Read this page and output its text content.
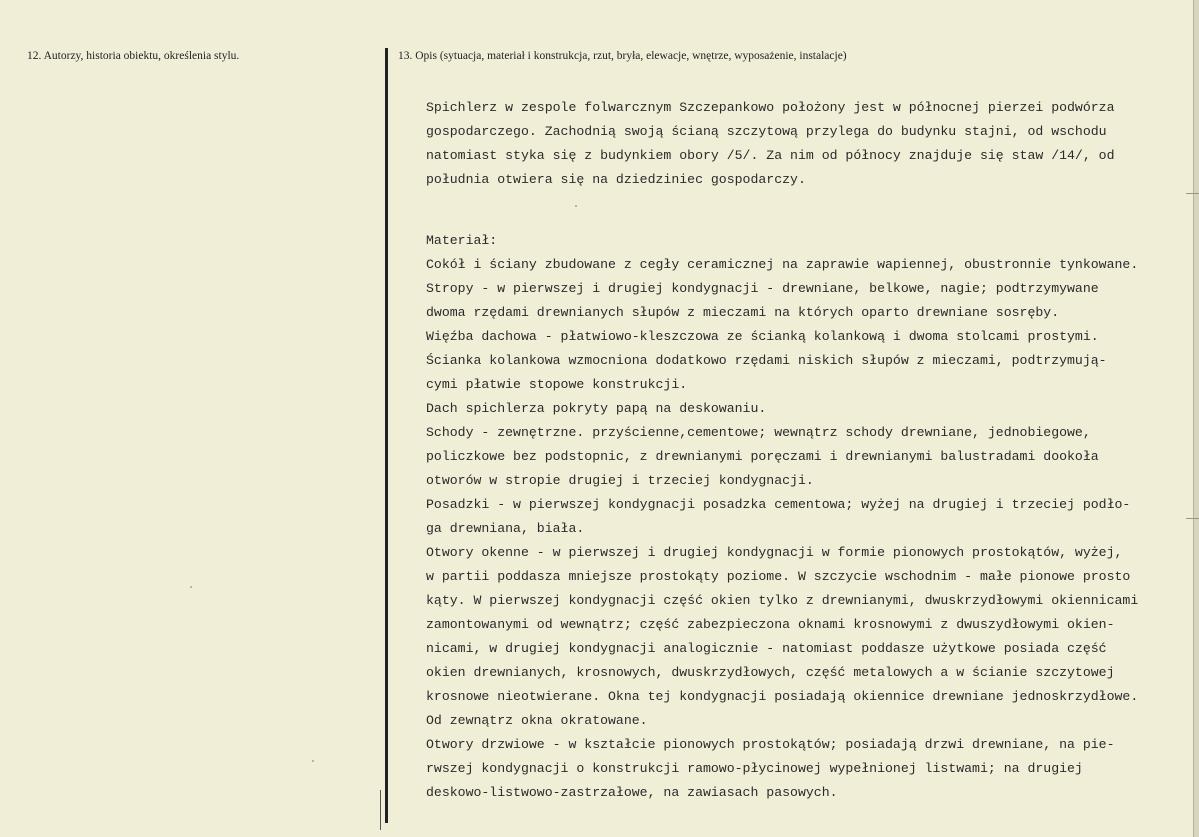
12. Autorzy, historia obiektu, określenia stylu.	13. Opis (sytuacja, materiał i konstrukcja, rzut, bryła, elewacje, wnętrze, wyposażenie, instalacje)
Spichlerz w zespole folwarcznym Szczepankowo położony jest w północnej pierzei podwórza
gospodarczego. Zachodnią swoją ścianą szczytową przylega do budynku stajni, od wschodu
natomiast styka się z budynkiem obory /5/. Za nim od północy znajduje się staw /14/, od
południa otwiera się na dziedziniec gospodarczy.
Materiał:
Cokół i ściany zbudowane z cegły ceramicznej na zaprawie wapiennej, obustronnie tynkowane.
Stropy - w pierwszej i drugiej kondygnacji - drewniane, belkowe, nagie; podtrzymywane
dwoma rzędami drewnianych słupów z mieczami na których oparto drewniane sosręby.
Więźba dachowa - płatwiowo-kleszczowa ze ścianką kolankową i dwoma stolcami prostymi.
Ścianka kolankowa wzmocniona dodatkowo rzędami niskich słupów z mieczami, podtrzymują-
cymi płatwie stopowe konstrukcji.
Dach spichlerza pokryty papą na deskowaniu.
Schody - zewnętrzne. przyścienne,cementowe; wewnątrz schody drewniane, jednobiegowe,
policzkowe bez podstopnic, z drewnianymi poręczami i drewnianymi balustradami dookoła
otworów w stropie drugiej i trzeciej kondygnacji.
Posadzki - w pierwszej kondygnacji posadzka cementowa; wyżej na drugiej i trzeciej podło-
ga drewniana, biała.
Otwory okenne - w pierwszej i drugiej kondygnacji w formie pionowych prostokątów, wyżej,
w partii poddasza mniejsze prostokąty poziome. W szczycie wschodnim - małe pionowe prosto
kąty. W pierwszej kondygnacji część okien tylko z drewnianymi, dwuskrzydłowymi okiennicami
zamontowanymi od wewnątrz; część zabezpieczona oknami krosnowymi z dwuszydłowymi okien-
nicami, w drugiej kondygnacji analogicznie - natomiast poddasze użytkowe posiada część
okien drewnianych, krosnowych, dwuskrzydłowych, część metalowych a w ścianie szczytowej
krosnowe nieotwierane. Okna tej kondygnacji posiadają okiennice drewniane jednoskrzydłowe.
Od zewnątrz okna okratowane.
Otwory drzwiowe - w kształcie pionowych prostokątów; posiadają drzwi drewniane, na pie-
rwszej kondygnacji o konstrukcji ramowo-płycinowej wypełnionej listwami; na drugiej
deskowo-listwowo-zastrzałowe, na zawiasach pasowych.
